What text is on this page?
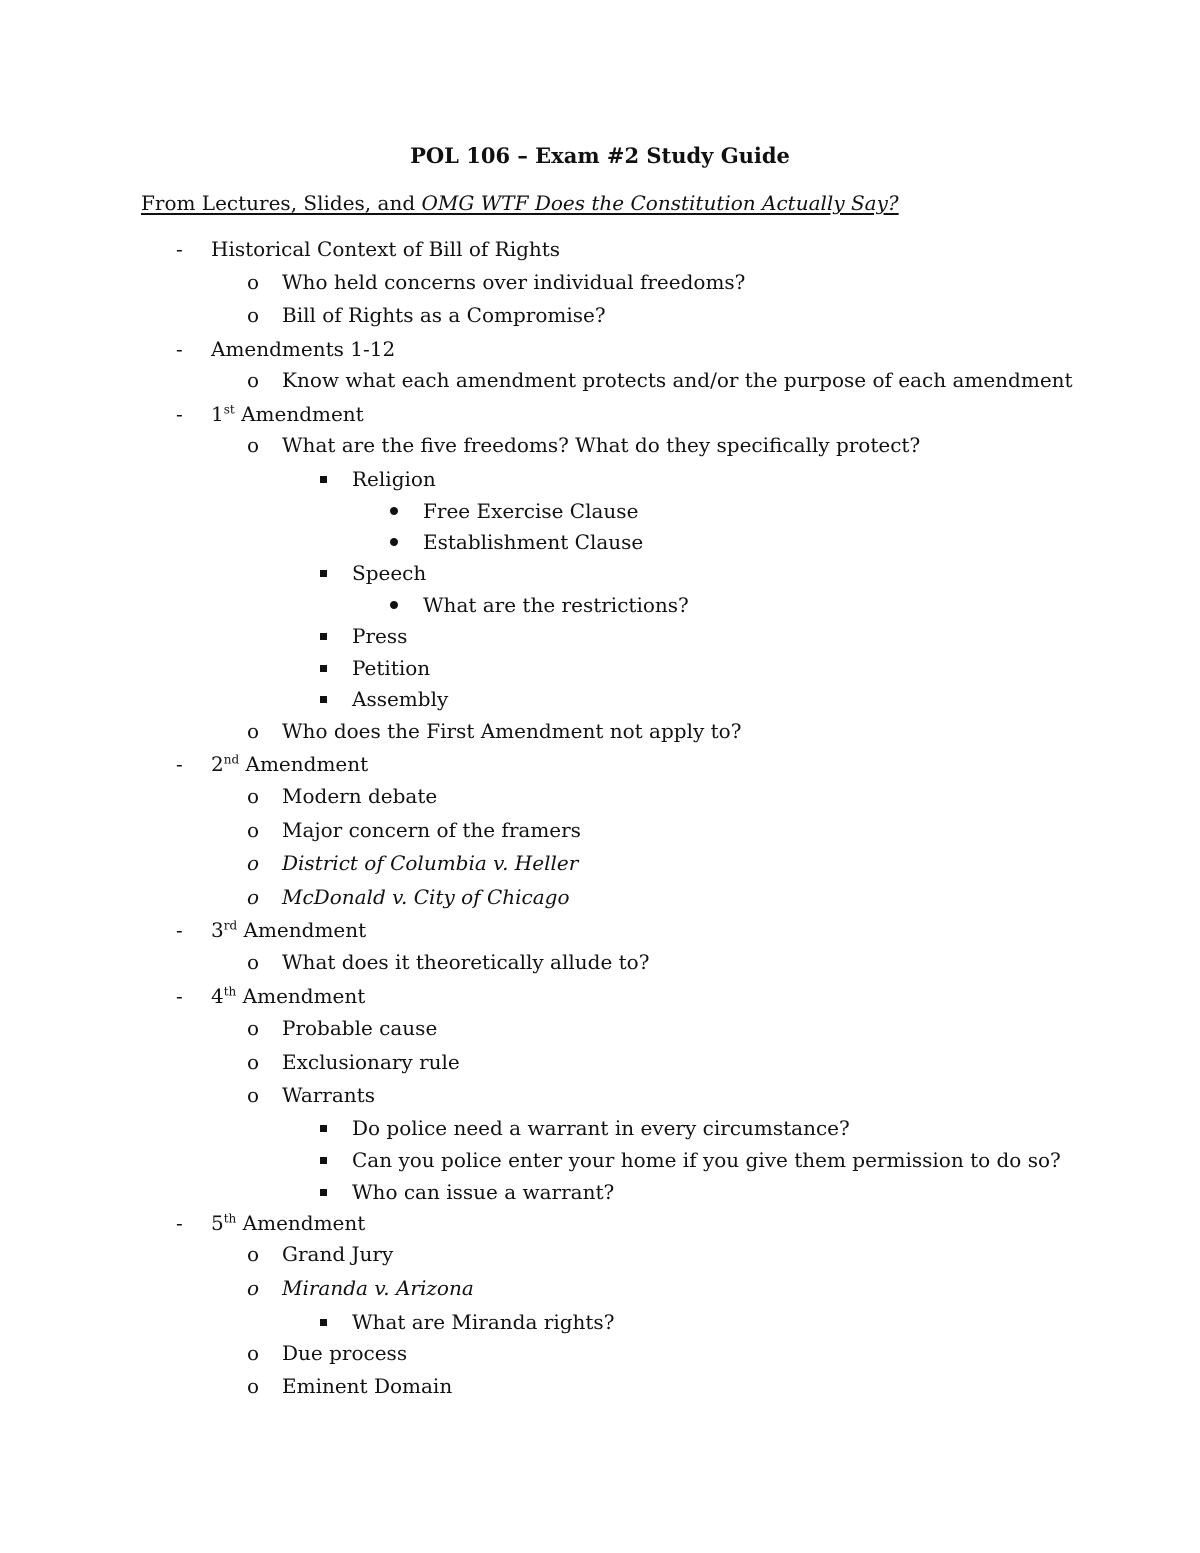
POL 106 – Exam #2 Study Guide
From Lectures, Slides, and OMG WTF Does the Constitution Actually Say?
- Historical Context of Bill of Rights
o Who held concerns over individual freedoms?
o Bill of Rights as a Compromise?
- Amendments 1-12
o Know what each amendment protects and/or the purpose of each amendment
- 1st Amendment
o What are the five freedoms? What do they specifically protect?
Religion
Free Exercise Clause
Establishment Clause
Speech
What are the restrictions?
Press
Petition
Assembly
o Who does the First Amendment not apply to?
- 2nd Amendment
o Modern debate
o Major concern of the framers
o District of Columbia v. Heller
o McDonald v. City of Chicago
- 3rd Amendment
o What does it theoretically allude to?
- 4th Amendment
o Probable cause
o Exclusionary rule
o Warrants
Do police need a warrant in every circumstance?
Can you police enter your home if you give them permission to do so?
Who can issue a warrant?
- 5th Amendment
o Grand Jury
o Miranda v. Arizona
What are Miranda rights?
o Due process
o Eminent Domain
